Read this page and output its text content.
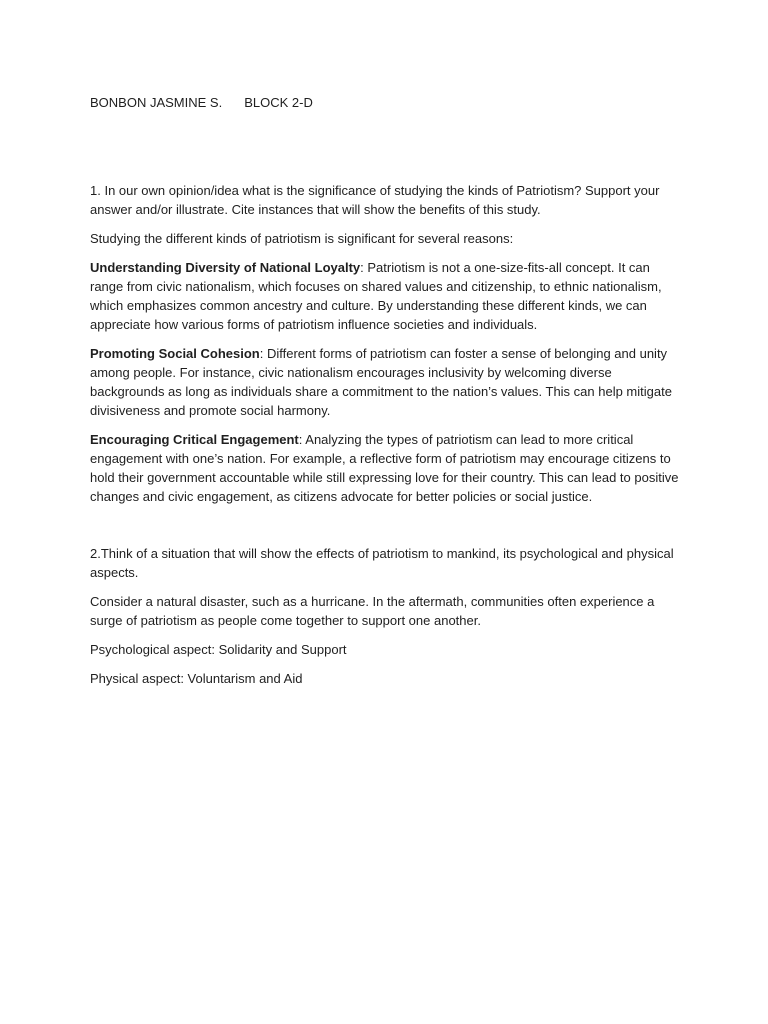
BONBON JASMINE S. BLOCK 2-D

1. In our own opinion/idea what is the significance of studying the kinds of Patriotism? Support your answer and/or illustrate. Cite instances that will show the benefits of this study.

Studying the different kinds of patriotism is significant for several reasons:

Understanding Diversity of National Loyalty: Patriotism is not a one-size-fits-all concept. It can range from civic nationalism, which focuses on shared values and citizenship, to ethnic nationalism, which emphasizes common ancestry and culture. By understanding these different kinds, we can appreciate how various forms of patriotism influence societies and individuals.

Promoting Social Cohesion: Different forms of patriotism can foster a sense of belonging and unity among people. For instance, civic nationalism encourages inclusivity by welcoming diverse backgrounds as long as individuals share a commitment to the nation’s values. This can help mitigate divisiveness and promote social harmony.

Encouraging Critical Engagement: Analyzing the types of patriotism can lead to more critical engagement with one’s nation. For example, a reflective form of patriotism may encourage citizens to hold their government accountable while still expressing love for their country. This can lead to positive changes and civic engagement, as citizens advocate for better policies or social justice.

2.Think of a situation that will show the effects of patriotism to mankind, its psychological and physical aspects.

Consider a natural disaster, such as a hurricane. In the aftermath, communities often experience a surge of patriotism as people come together to support one another.

Psychological aspect: Solidarity and Support

Physical aspect: Voluntarism and Aid
